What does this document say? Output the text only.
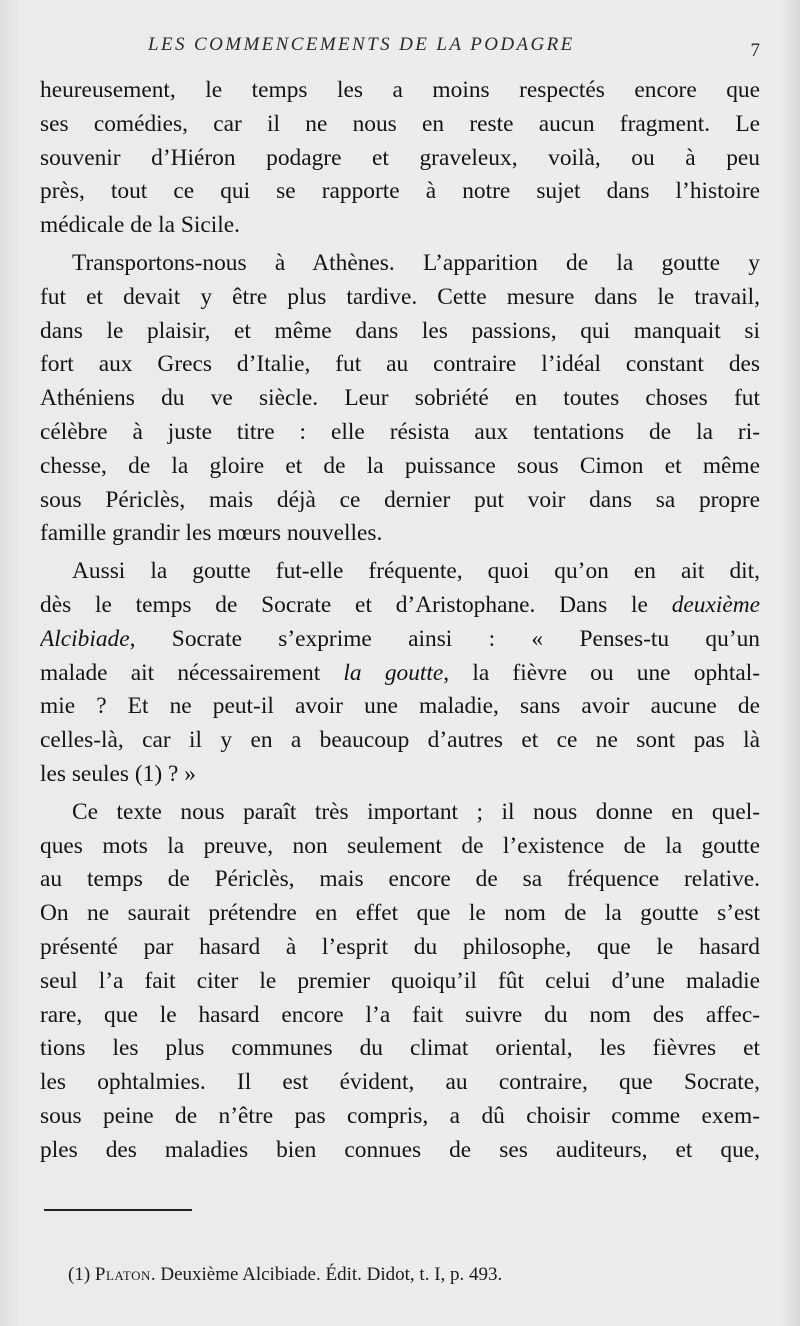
LES COMMENCEMENTS DE LA PODAGRE	7
heureusement, le temps les a moins respectés encore que
ses comédies, car il ne nous en reste aucun fragment. Le
souvenir d’Hiéron podagre et graveleux, voilà, ou à peu
près, tout ce qui se rapporte à notre sujet dans l’histoire
médicale de la Sicile.
Transportons-nous à Athènes. L’apparition de la goutte y
fut et devait y être plus tardive. Cette mesure dans le travail,
dans le plaisir, et même dans les passions, qui manquait si
fort aux Grecs d’Italie, fut au contraire l’idéal constant des
Athéniens du ve siècle. Leur sobriété en toutes choses fut
célèbre à juste titre : elle résista aux tentations de la ri-
chesse, de la gloire et de la puissance sous Cimon et même
sous Périclès, mais déjà ce dernier put voir dans sa propre
famille grandir les mœurs nouvelles.
Aussi la goutte fut-elle fréquente, quoi qu’on en ait dit,
dès le temps de Socrate et d’Aristophane. Dans le deuxième
Alcibiade, Socrate s’exprime ainsi : « Penses-tu qu’un
malade ait nécessairement la goutte, la fièvre ou une ophtal-
mie ? Et ne peut-il avoir une maladie, sans avoir aucune de
celles-là, car il y en a beaucoup d’autres et ce ne sont pas là
les seules (1) ? »
Ce texte nous paraît très important ; il nous donne en quel-
ques mots la preuve, non seulement de l’existence de la goutte
au temps de Périclès, mais encore de sa fréquence relative.
On ne saurait prétendre en effet que le nom de la goutte s’est
présenté par hasard à l’esprit du philosophe, que le hasard
seul l’a fait citer le premier quoiqu’il fût celui d’une maladie
rare, que le hasard encore l’a fait suivre du nom des affec-
tions les plus communes du climat oriental, les fièvres et
les ophtalmies. Il est évident, au contraire, que Socrate,
sous peine de n’être pas compris, a dû choisir comme exem-
ples des maladies bien connues de ses auditeurs, et que,
(1) Platon. Deuxième Alcibiade. Édit. Didot, t. I, p. 493.
